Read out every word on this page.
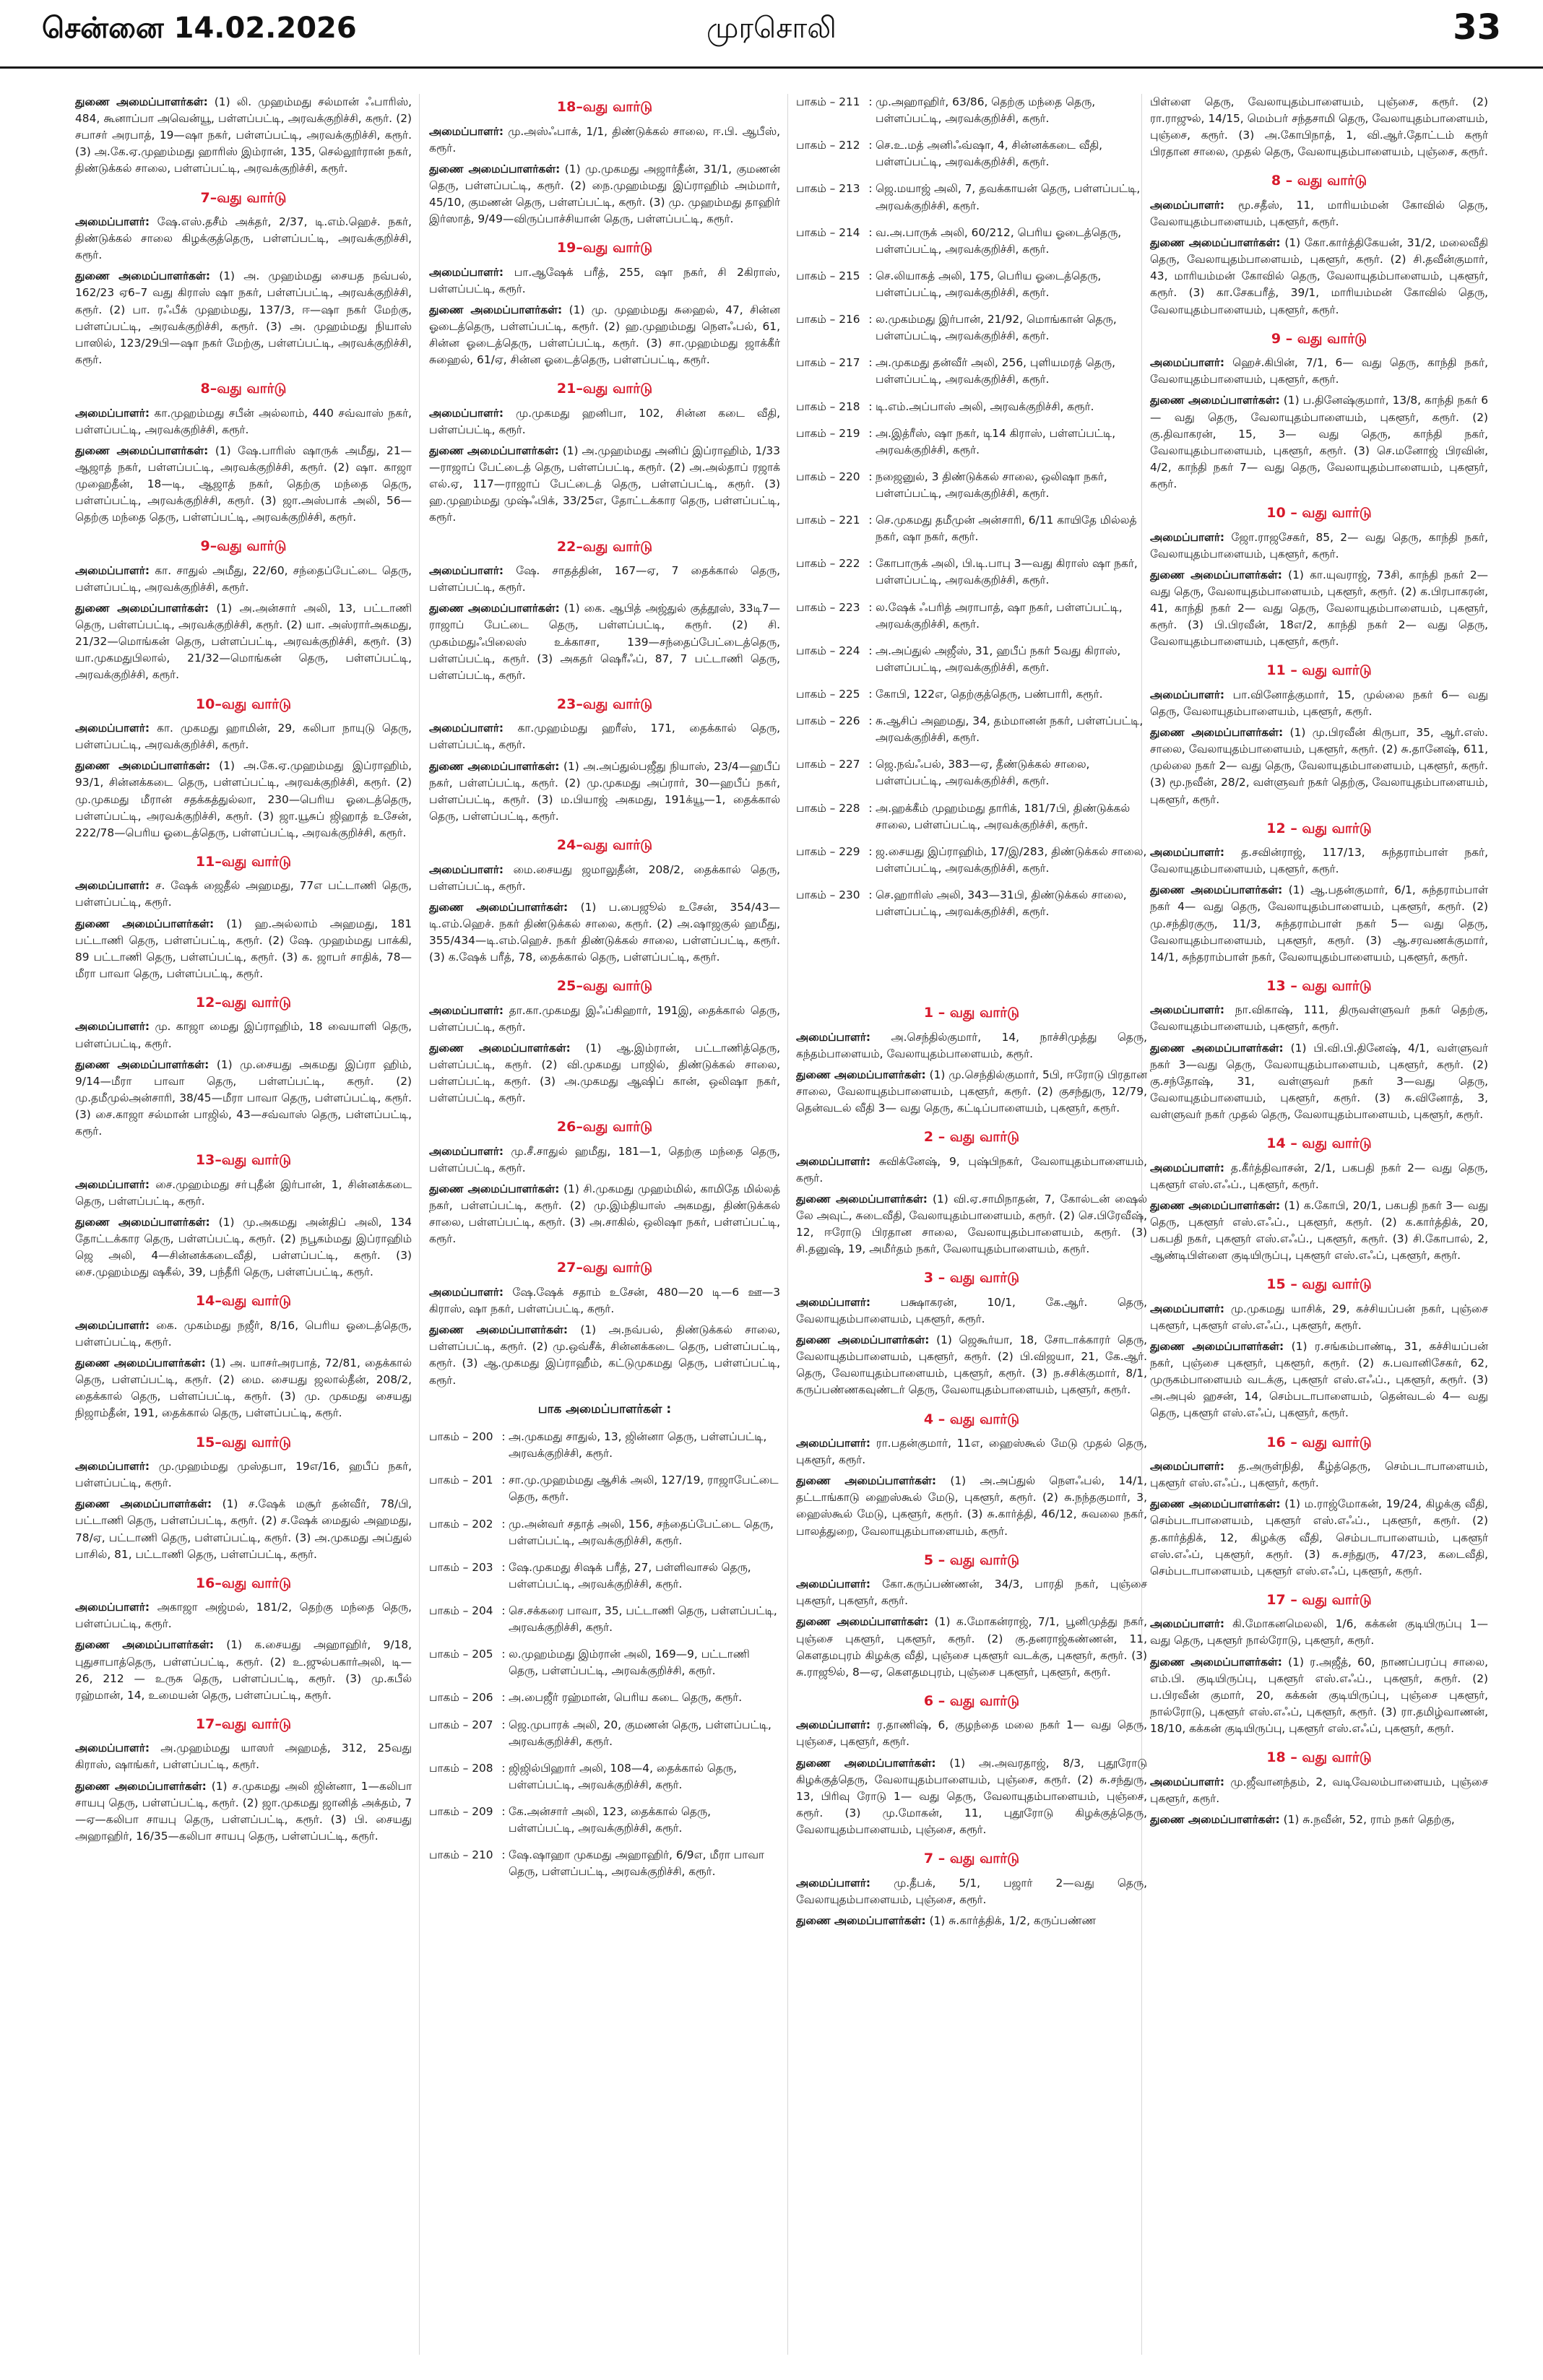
சென்னை 14.02.2026	முரசொலி	33

துணை அமைப்பாளர்கள்: (1) லி. முஹம்மது சல்மான் ஃபாரிஸ், 484, கூனாப்பா அவென்யூ, பள்ளப்பட்டி, அரவக்குறிச்சி, கரூர். (2) சபாசர் அரபாத், 19—ஷா நகர், பள்ளப்பட்டி, அரவக்குறிச்சி, கரூர். (3) அ.கே.ஏ.முஹம்மது ஹாரிஸ் இம்ரான், 135, செல்லூர்ரான் நகர், திண்டுக்கல் சாலை, பள்ளப்பட்டி, அரவக்குறிச்சி, கரூர்.

7–வது வார்டு

அமைப்பாளர்: ஷே.எஸ்.தசீம் அக்தர், 2/37, டி.எம்.ஹெச். நகர், திண்டுக்கல் சாலை கிழக்குத்தெரு, பள்ளப்பட்டி, அரவக்குறிச்சி, கரூர்.

துணை அமைப்பாளர்கள்: (1) அ. முஹம்மது சையத நவ்பல், 162/23 ஏ6–7 வது கிராஸ் ஷா நகர், பள்ளப்பட்டி, அரவக்குறிச்சி, கரூர். (2) பா. ரஃபீக் முஹம்மது, 137/3, ஈ—ஷா நகர் மேற்கு, பள்ளப்பட்டி, அரவக்குறிச்சி, கரூர். (3) அ. முஹம்மது நியாஸ் பாஸில், 123/29பி—ஷா நகர் மேற்கு, பள்ளப்பட்டி, அரவக்குறிச்சி, கரூர்.

8–வது வார்டு

அமைப்பாளர்: கா.முஹம்மது சபீன் அல்லாம், 440 சவ்வாஸ் நகர், பள்ளப்பட்டி, அரவக்குறிச்சி, கரூர்.

துணை அமைப்பாளர்கள்: (1) ஷே.பாரிஸ் ஷாருக் அமீது, 21—ஆஜாத் நகர், பள்ளப்பட்டி, அரவக்குறிச்சி, கரூர். (2) ஷா. காஜா முஹைதீன், 18—டி, ஆஜாத் நகர், தெற்கு மந்தை தெரு, பள்ளப்பட்டி, அரவக்குறிச்சி, கரூர். (3) ஜா.அஸ்பாக் அலி, 56—தெற்கு மந்தை தெரு, பள்ளப்பட்டி, அரவக்குறிச்சி, கரூர்.

9–வது வார்டு

அமைப்பாளர்: கா. சாதுல் அமீது, 22/60, சந்தைப்பேட்டை தெரு, பள்ளப்பட்டி, அரவக்குறிச்சி, கரூர்.

துணை அமைப்பாளர்கள்: (1) அ.அன்சார் அலி, 13, பட்டாணி தெரு, பள்ளப்பட்டி, அரவக்குறிச்சி, கரூர். (2) யா. அஸ்ரார்அகமது, 21/32—மொங்கன் தெரு, பள்ளப்பட்டி, அரவக்குறிச்சி, கரூர். (3) யா.முகமதுபிலால், 21/32—மொங்கன் தெரு, பள்ளப்பட்டி, அரவக்குறிச்சி, கரூர்.

10–வது வார்டு

அமைப்பாளர்: கா. முகமது ஹாமின், 29, கலிபா நாயுடு தெரு, பள்ளப்பட்டி, அரவக்குறிச்சி, கரூர்.

துணை அமைப்பாளர்கள்: (1) அ.கே.ஏ.முஹம்மது இப்ராஹிம், 93/1, சின்னக்கடை தெரு, பள்ளப்பட்டி, அரவக்குறிச்சி, கரூர். (2) மு.முகமது மீரான் சதக்கத்துல்லா, 230—பெரிய ஓடைத்தெரு, பள்ளப்பட்டி, அரவக்குறிச்சி, கரூர். (3) ஜா.யூசுப் ஜிஹாத் உசேன், 222/78—பெரிய ஓடைத்தெரு, பள்ளப்பட்டி, அரவக்குறிச்சி, கரூர்.

11–வது வார்டு

அமைப்பாளர்: ச. ஷேக் ஜைதீல் அஹமது, 77எ பட்டாணி தெரு, பள்ளப்பட்டி, கரூர்.

துணை அமைப்பாளர்கள்: (1) ஹ.அல்லாம் அஹமது, 181 பட்டாணி தெரு, பள்ளப்பட்டி, கரூர். (2) ஷே. முஹம்மது பாக்கி, 89 பட்டாணி தெரு, பள்ளப்பட்டி, கரூர். (3) க. ஜாபர் சாதிக், 78—மீரா பாவா தெரு, பள்ளப்பட்டி, கரூர்.

12–வது வார்டு

அமைப்பாளர்: மு. காஜா மைது இப்ராஹிம், 18 வையாளி தெரு, பள்ளப்பட்டி, கரூர்.

துணை அமைப்பாளர்கள்: (1) மு.சையது அகமது இப்ரா ஹிம், 9/14—மீரா பாவா தெரு, பள்ளப்பட்டி, கரூர். (2) மு.தமீமுல்அன்சாரி, 38/45—மீரா பாவா தெரு, பள்ளப்பட்டி, கரூர். (3) சை.காஜா சல்மான் பாஜில், 43—சவ்வாஸ் தெரு, பள்ளப்பட்டி, கரூர்.

13–வது வார்டு

அமைப்பாளர்: சை.முஹம்மது சா்புதீன் இர்பான், 1, சின்னக்கடை தெரு, பள்ளப்பட்டி, கரூர்.

துணை அமைப்பாளர்கள்: (1) மு.அகமது அன்திப் அலி, 134 தோட்டக்கார தெரு, பள்ளப்பட்டி, கரூர். (2) நபூகம்மது இப்ராஹிம் ஜெ அலி, 4—சின்னக்கடைவீதி, பள்ளப்பட்டி, கரூர். (3) சை.முஹம்மது ஷகீல், 39, பந்தீரி தெரு, பள்ளப்பட்டி, கரூர்.

14–வது வார்டு

அமைப்பாளர்: கை. முகம்மது நஜீர், 8/16, பெரிய ஓடைத்தெரு, பள்ளப்பட்டி, கரூர்.

துணை அமைப்பாளர்கள்: (1) அ. யாசர்அரபாத், 72/81, தைக்கால் தெரு, பள்ளப்பட்டி, கரூர். (2) மை. சையது ஜலால்தீன், 208/2, தைக்கால் தெரு, பள்ளப்பட்டி, கரூர். (3) மு. முகமது சையது நிஜாம்தீன், 191, தைக்கால் தெரு, பள்ளப்பட்டி, கரூர்.

15–வது வார்டு

அமைப்பாளர்: மு.முஹம்மது முஸ்தபா, 19எ/16, ஹபீப் நகர், பள்ளப்பட்டி, கரூர்.

துணை அமைப்பாளர்கள்: (1) ச.ஷேக் மசூர் தன்வீர், 78/பி, பட்டாணி தெரு, பள்ளப்பட்டி, கரூர். (2) ச.ஷேக் மைதுல் அஹமது, 78/ஏ, பட்டாணி தெரு, பள்ளப்பட்டி, கரூர். (3) அ.முகமது அப்துல் பாசில், 81, பட்டாணி தெரு, பள்ளப்பட்டி, கரூர்.

16–வது வார்டு

அமைப்பாளர்: அகாஜா அஜ்மல், 181/2, தெற்கு மந்தை தெரு, பள்ளப்பட்டி, கரூர்.

துணை அமைப்பாளர்கள்: (1) க.சையது அஹாஹிர், 9/18, புதுசாபாத்தெரு, பள்ளப்பட்டி, கரூர். (2) உ.ஜுல்பகார்அலி, டி—26, 212 — உருசு தெரு, பள்ளப்பட்டி, கரூர். (3) மு.கபீல் ரஹ்மான், 14, உமையன் தெரு, பள்ளப்பட்டி, கரூர்.

17–வது வார்டு

அமைப்பாளர்: அ.முஹம்மது யாஸர் அஹமத், 312, 25வது கிராஸ், ஷாங்கர், பள்ளப்பட்டி, கரூர்.

துணை அமைப்பாளர்கள்: (1) ச.முகமது அலி ஜின்னா, 1—கலிபா சாயபு தெரு, பள்ளப்பட்டி, கரூர். (2) ஜா.முகமது ஜானித் அக்தம், 7—ஏ—கலிபா சாயபு தெரு, பள்ளப்பட்டி, கரூர். (3) பி. சையது அஹாஹிர், 16/35—கலிபா சாயபு தெரு, பள்ளப்பட்டி, கரூர்.

18–வது வார்டு

அமைப்பாளர்: மு.அஸ்ஃபாக், 1/1, திண்டுக்கல் சாலை, ஈ.பி. ஆபீஸ், கரூர்.

துணை அமைப்பாளர்கள்: (1) மு.முகமது அஜார்தீன், 31/1, குமணன் தெரு, பள்ளப்பட்டி, கரூர். (2) நை.முஹம்மது இப்ராஹிம் அம்மார், 45/10, குமணன் தெரு, பள்ளப்பட்டி, கரூர். (3) மு. முஹம்மது தாஹிர் இர்ஸாத், 9/49—விருப்பாச்சியான் தெரு, பள்ளப்பட்டி, கரூர்.

19–வது வார்டு

அமைப்பாளர்: பா.ஆஷேக் பரீத், 255, ஷா நகர், சி 2கிராஸ், பள்ளப்பட்டி, கரூர்.

துணை அமைப்பாளர்கள்: (1) மு. முஹம்மது சுஹைல், 47, சின்ன ஓடைத்தெரு, பள்ளப்பட்டி, கரூர். (2) ஹ.முஹம்மது நௌஃபல், 61, சின்ன ஓடைத்தெரு, பள்ளப்பட்டி, கரூர். (3) சா.முஹம்மது ஜாக்கீர் சுஹைல், 61/ஏ, சின்ன ஓடைத்தெரு, பள்ளப்பட்டி, கரூர்.

21–வது வார்டு

அமைப்பாளர்: மு.முகமது ஹனிபா, 102, சின்ன கடை வீதி, பள்ளப்பட்டி, கரூர்.

துணை அமைப்பாளர்கள்: (1) அ.முஹம்மது அனிப் இப்ராஹிம், 1/33—ராஜாப் பேட்டைத் தெரு, பள்ளப்பட்டி, கரூர். (2) அ.அல்தாப் ரஜாக் எல்.ஏ, 117—ராஜாப் பேட்டைத் தெரு, பள்ளப்பட்டி, கரூர். (3) ஹ.முஹம்மது முஷ்ஃபிக், 33/25எ, தோட்டக்கார தெரு, பள்ளப்பட்டி, கரூர்.

22–வது வார்டு

அமைப்பாளர்: ஷே. சாதத்தின், 167—ஏ, 7 தைக்கால் தெரு, பள்ளப்பட்டி, கரூர்.

துணை அமைப்பாளர்கள்: (1) கை. ஆபித் அஜ்துல் குத்தூஸ், 33டி7—ராஜாப் பேட்டை தெரு, பள்ளப்பட்டி, கரூர். (2) சி. முகம்மதுஃபிலைஸ் உக்காசா, 139—சந்தைப்பேட்டைத்தெரு, பள்ளப்பட்டி, கரூர். (3) அகதர் ஷெரீஃப், 87, 7 பட்டாணி தெரு, பள்ளப்பட்டி, கரூர்.

23–வது வார்டு

அமைப்பாளர்: கா.முஹம்மது ஹரீஸ், 171, தைக்கால் தெரு, பள்ளப்பட்டி, கரூர்.

துணை அமைப்பாளர்கள்: (1) அ.அப்துல்பஜீது நியாஸ், 23/4—ஹபீப் நகர், பள்ளப்பட்டி, கரூர். (2) மு.முகமது அப்ரார், 30—ஹபீப் நகர், பள்ளப்பட்டி, கரூர். (3) ம.பியாஜ் அகமது, 191க்யூ—1, தைக்கால் தெரு, பள்ளப்பட்டி, கரூர்.

24–வது வார்டு

அமைப்பாளர்: மை.சையது ஜமாலுதீன், 208/2, தைக்கால் தெரு, பள்ளப்பட்டி, கரூர்.

துணை அமைப்பாளர்கள்: (1) ப.பைஜூல் உசேன், 354/43—டி.எம்.ஹெச். நகர் திண்டுக்கல் சாலை, கரூர். (2) அ.ஷாஜகுல் ஹமீது, 355/434—டி.எம்.ஹெச். நகர் திண்டுக்கல் சாலை, பள்ளப்பட்டி, கரூர். (3) க.ஷேக் பரீத், 78, தைக்கால் தெரு, பள்ளப்பட்டி, கரூர்.

25–வது வார்டு

அமைப்பாளர்: தா.கா.முகமது இஃப்கிஹார், 191இ, தைக்கால் தெரு, பள்ளப்பட்டி, கரூர்.

துணை அமைப்பாளர்கள்: (1) ஆ.இம்ரான், பட்டாணித்தெரு, பள்ளப்பட்டி, கரூர். (2) வி.முகமது பாஜில், திண்டுக்கல் சாலை, பள்ளப்பட்டி, கரூர். (3) அ.முகமது ஆஷிப் கான், ஒலிஷா நகர், பள்ளப்பட்டி, கரூர்.

26–வது வார்டு

அமைப்பாளர்: மு.சீ.சாதுல் ஹமீது, 181—1, தெற்கு மந்தை தெரு, பள்ளப்பட்டி, கரூர்.

துணை அமைப்பாளர்கள்: (1) சி.முகமது முஹம்மில், காமிதே மில்லத் நகர், பள்ளப்பட்டி, கரூர். (2) மு.இம்தியாஸ் அகமது, திண்டுக்கல் சாலை, பள்ளப்பட்டி, கரூர். (3) அ.சாகில், ஒலிஷா நகர், பள்ளப்பட்டி, கரூர்.

27–வது வார்டு

அமைப்பாளர்: ஷே.ஷேக் சதாம் உசேன், 480—20 டி—6 ஊ—3 கிராஸ், ஷா நகர், பள்ளப்பட்டி, கரூர்.

துணை அமைப்பாளர்கள்: (1) அ.நவ்பல், திண்டுக்கல் சாலை, பள்ளப்பட்டி, கரூர். (2) மு.ஒவ்சீக், சின்னக்கடை தெரு, பள்ளப்பட்டி, கரூர். (3) ஆ.முகமது இப்ராஹீம், கட்டுமுகமது தெரு, பள்ளப்பட்டி, கரூர்.

பாக அமைப்பாளர்கள் :
பாகம் – 200 : அ.முகமது சாதுல், 13, ஜின்னா தெரு, பள்ளப்பட்டி, அரவக்குறிச்சி, கரூர்.
பாகம் – 201 : சா.மு.முஹம்மது ஆசிக் அலி, 127/19, ராஜாபேட்டை தெரு, கரூர்.
பாகம் – 202 : மு.அன்வர் சதாத் அலி, 156, சந்தைப்பேட்டை தெரு, பள்ளப்பட்டி, அரவக்குறிச்சி, கரூர்.
பாகம் – 203 : ஷே.முகமது சிஷக் பரீத், 27, பள்ளிவாசல் தெரு, பள்ளப்பட்டி, அரவக்குறிச்சி, கரூர்.
பாகம் – 204 : செ.சக்கரை பாவா, 35, பட்டாணி தெரு, பள்ளப்பட்டி, அரவக்குறிச்சி, கரூர்.
பாகம் – 205 : ல.முஹம்மது இம்ரான் அலி, 169—9, பட்டாணி தெரு, பள்ளப்பட்டி, அரவக்குறிச்சி, கரூர்.
பாகம் – 206 : அ.பைஜீர் ரஹ்மான், பெரிய கடை தெரு, கரூர்.
பாகம் – 207 : ஜெ.முபாரக் அலி, 20, குமணன் தெரு, பள்ளப்பட்டி, அரவக்குறிச்சி, கரூர்.
பாகம் – 208 : ஜிஜில்பிஹார் அலி, 108—4, தைக்கால் தெரு, பள்ளப்பட்டி, அரவக்குறிச்சி, கரூர்.
பாகம் – 209 : கே.அன்சார் அலி, 123, தைக்கால் தெரு, பள்ளப்பட்டி, அரவக்குறிச்சி, கரூர்.
பாகம் – 210 : ஷே.ஷாஹா முகமது அஹாஹிர், 6/9எ, மீரா பாவா தெரு, பள்ளப்பட்டி, அரவக்குறிச்சி, கரூர்.
பாகம் – 211 : மு.அஹாஹிர், 63/86, தெற்கு மந்தை தெரு, பள்ளப்பட்டி, அரவக்குறிச்சி, கரூர்.
பாகம் – 212 : செ.உ.மத் அனிஃவ்ஷா, 4, சின்னக்கடை வீதி, பள்ளப்பட்டி, அரவக்குறிச்சி, கரூர்.
பாகம் – 213 : ஜெ.மயாஜ் அலி, 7, தவக்காயன் தெரு, பள்ளப்பட்டி, அரவக்குறிச்சி, கரூர்.
பாகம் – 214 : வ.அ.பாருக் அலி, 60/212, பெரிய ஓடைத்தெரு, பள்ளப்பட்டி, அரவக்குறிச்சி, கரூர்.
பாகம் – 215 : செ.லியாகத் அலி, 175, பெரிய ஓடைத்தெரு, பள்ளப்பட்டி, அரவக்குறிச்சி, கரூர்.
பாகம் – 216 : ல.முகம்மது இர்பான், 21/92, மொங்கான் தெரு, பள்ளப்பட்டி, அரவக்குறிச்சி, கரூர்.
பாகம் – 217 : அ.முகமது தன்வீர் அலி, 256, புளியமரத் தெரு, பள்ளப்பட்டி, அரவக்குறிச்சி, கரூர்.
பாகம் – 218 : டி.எம்.அப்பாஸ் அலி, அரவக்குறிச்சி, கரூர்.
பாகம் – 219 : அ.இத்ரீஸ், ஷா நகர், டி14 கிராஸ், பள்ளப்பட்டி, அரவக்குறிச்சி, கரூர்.
பாகம் – 220 : நஜைனுல், 3 திண்டுக்கல் சாலை, ஒலிஷா நகர், பள்ளப்பட்டி, அரவக்குறிச்சி, கரூர்.
பாகம் – 221 : செ.முகமது தமீமுன் அன்சாரி, 6/11 காயிதே மில்லத் நகர், ஷா நகர், கரூர்.
பாகம் – 222 : கோபாருக் அலி, பி.டி.பாபு 3—வது கிராஸ் ஷா நகர், பள்ளப்பட்டி, அரவக்குறிச்சி, கரூர்.
பாகம் – 223 : ல.ஷேக் ஃபரித் அராபாத், ஷா நகர், பள்ளப்பட்டி, அரவக்குறிச்சி, கரூர்.
பாகம் – 224 : அ.அப்துல் அஜீஸ், 31, ஹபீப் நகர் 5வது கிராஸ், பள்ளப்பட்டி, அரவக்குறிச்சி, கரூர்.
பாகம் – 225 : கோபி, 122எ, தெற்குத்தெரு, பண்பாரி, கரூர்.
பாகம் – 226 : சு.ஆசிப் அஹமது, 34, தம்மானன் நகர், பள்ளப்பட்டி, அரவக்குறிச்சி, கரூர்.
பாகம் – 227 : ஜெ.நவ்ஃபல், 383—ஏ, தீண்டுக்கல் சாலை, பள்ளப்பட்டி, அரவக்குறிச்சி, கரூர்.
பாகம் – 228 : அ.ஹக்கீம் முஹம்மது தாரிக், 181/7பி, திண்டுக்கல் சாலை, பள்ளப்பட்டி, அரவக்குறிச்சி, கரூர்.
பாகம் – 229 : ஜ.சையது இப்ராஹிம், 17/இ/283, திண்டுக்கல் சாலை, பள்ளப்பட்டி, அரவக்குறிச்சி, கரூர்.
பாகம் – 230 : செ.ஹாரிஸ் அலி, 343—31பி, திண்டுக்கல் சாலை, பள்ளப்பட்டி, அரவக்குறிச்சி, கரூர்.
1 – வது வார்டு

அமைப்பாளர்: அ.செந்தில்குமார், 14, நாச்சிமுத்து தெரு, கந்தம்பாளையம், வேலாயுதம்பாளையம், கரூர்.

துணை அமைப்பாளர்கள்: (1) மு.செந்தில்குமார், 5பி, ஈரோடு பிரதான சாலை, வேலாயுதம்பாளையம், புகளூர், கரூர். (2) குசந்துரு, 12/79, தென்வடல் வீதி 3— வது தெரு, கட்டிப்பாளையம், புகளூர், கரூர்.

2 – வது வார்டு

அமைப்பாளர்: சுவிக்னேஷ், 9, புஷ்பிநகர், வேலாயுதம்பாளையம், கரூர்.

துணை அமைப்பாளர்கள்: (1) வி.ஏ.சாமிநாதன், 7, கோல்டன் ஷைல் லே அவுட், சுடைவீதி, வேலாயுதம்பாளையம், கரூர். (2) செ.பிரேவீஷ், 12, ஈரோடு பிரதான சாலை, வேலாயுதம்பாளையம், கரூர். (3) சி.தனுஷ், 19, அமீர்தம் நகர், வேலாயுதம்பாளையம், கரூர்.

3 – வது வார்டு

அமைப்பாளர்: பக்ஷாகரன், 10/1, கே.ஆர். தெரு, வேலாயுதம்பாளையம், புகளூர், கரூர்.

துணை அமைப்பாளர்கள்: (1) ஜெகூர்யா, 18, சோடாக்காரர் தெரு, வேலாயுதம்பாளையம், புகளூர், கரூர். (2) பி.விஜயா, 21, கே.ஆர். தெரு, வேலாயுதம்பாளையம், புகளூர், கரூர். (3) ந.சசிக்குமார், 8/1, கருப்பண்ணகவுண்டர் தெரு, வேலாயுதம்பாளையம், புகளூர், கரூர்.

4 – வது வார்டு

அமைப்பாளர்: ரா.பதன்குமார், 11எ, ஹைஸ்கூல் மேடு முதல் தெரு, புகளூர், கரூர்.

துணை அமைப்பாளர்கள்: (1) அ.அப்துல் நௌஃபல், 14/1, தட்டாங்காடு ஹைஸ்கூல் மேடு, புகளூர், கரூர். (2) சு.நந்தகுமார், 3, ஹைஸ்கூல் மேடு, புகளூர், கரூர். (3) சு.கார்த்தி, 46/12, சுவலை நகர், பாலத்துறை, வேலாயுதம்பாளையம், கரூர்.

5 – வது வார்டு

அமைப்பாளர்: கோ.கருப்பண்ணன், 34/3, பாரதி நகர், புஞ்சை புகளூர், புகளூர், கரூர்.

துணை அமைப்பாளர்கள்: (1) க.மோகன்ராஜ், 7/1, பூனிமுத்து நகர், புஞ்சை புகளூர், புகளூர், கரூர். (2) கு.தனராஜ்கண்ணன், 11, கௌதமபுரம் கிழக்கு வீதி, புஞ்சை புகளூர் வடக்கு, புகளூர், கரூர். (3) சு.ராஜூல், 8—ஏ, கௌதமபுரம், புஞ்சை புகளூர், புகளூர், கரூர்.

6 – வது வார்டு

அமைப்பாளர்: ர.தாணிஷ், 6, குழந்தை மலை நகர் 1— வது தெரு, புஞ்சை, புகளூர், கரூர்.

துணை அமைப்பாளர்கள்: (1) அ.அவரதாஜ், 8/3, புதூரோடு கிழக்குத்தெரு, வேலாயுதம்பாளையம், புஞ்சை, கரூர். (2) சு.சந்துரு, 13, பிரிவு ரோடு 1— வது தெரு, வேலாயுதம்பாளையம், புஞ்சை, கரூர். (3) மு.மோகன், 11, புதூரோடு கிழக்குத்தெரு, வேலாயுதம்பாளையம், புஞ்சை, கரூர்.

7 – வது வார்டு

அமைப்பாளர்: மு.தீபக், 5/1, பஜார் 2—வது தெரு, வேலாயுதம்பாளையம், புஞ்சை, கரூர்.

துணை அமைப்பாளர்கள்: (1) சு.கார்த்திக், 1/2, கருப்பண்ண

பிள்ளை தெரு, வேலாயுதம்பாளையம், புஞ்சை, கரூர். (2) ரா.ராஜுல், 14/15, மெம்பர் சந்தசாமி தெரு, வேலாயுதம்பாளையம், புஞ்சை, கரூர். (3) அ.கோபிநாத், 1, வி.ஆர்.தோட்டம் கரூர் பிரதான சாலை, முதல் தெரு, வேலாயுதம்பாளையம், புஞ்சை, கரூர்.

8 – வது வார்டு

அமைப்பாளர்: மூ.சதீஸ், 11, மாரியம்மன் கோவில் தெரு, வேலாயுதம்பாளையம், புகளூர், கரூர்.

துணை அமைப்பாளர்கள்: (1) கோ.கார்த்திகேயன், 31/2, மலைவீதி தெரு, வேலாயுதம்பாளையம், புகளூர், கரூர். (2) சி.தவீன்குமார், 43, மாரியம்மன் கோவில் தெரு, வேலாயுதம்பாளையம், புகளூர், கரூர். (3) கா.சேகபரீத், 39/1, மாரியம்மன் கோவில் தெரு, வேலாயுதம்பாளையம், புகளூர், கரூர்.

9 – வது வார்டு

அமைப்பாளர்: ஹெச்.கிபின், 7/1, 6— வது தெரு, காந்தி நகர், வேலாயுதம்பாளையம், புகளூர், கரூர்.

துணை அமைப்பாளர்கள்: (1) ப.தினேஷ்குமார், 13/8, காந்தி நகர் 6— வது தெரு, வேலாயுதம்பாளையம், புகளூர், கரூர். (2) கு.திவாகரன், 15, 3— வது தெரு, காந்தி நகர், வேலாயுதம்பாளையம், புகளூர், கரூர். (3) செ.மனோஜ் பிரவின், 4/2, காந்தி நகர் 7— வது தெரு, வேலாயுதம்பாளையம், புகளூர், கரூர்.

10 – வது வார்டு

அமைப்பாளர்: ஜோ.ராஜசேகர், 85, 2— வது தெரு, காந்தி நகர், வேலாயுதம்பாளையம், புகளூர், கரூர்.

துணை அமைப்பாளர்கள்: (1) கா.யுவராஜ், 73சி, காந்தி நகர் 2—வது தெரு, வேலாயுதம்பாளையம், புகளூர், கரூர். (2) க.பிரபாகரன், 41, காந்தி நகர் 2— வது தெரு, வேலாயுதம்பாளையம், புகளூர், கரூர். (3) பி.பிரவீன், 18எ/2, காந்தி நகர் 2— வது தெரு, வேலாயுதம்பாளையம், புகளூர், கரூர்.

11 – வது வார்டு

அமைப்பாளர்: பா.வினோத்குமார், 15, முல்லை நகர் 6— வது தெரு, வேலாயுதம்பாளையம், புகளூர், கரூர்.

துணை அமைப்பாளர்கள்: (1) மு.பிரவீன் கிருபா, 35, ஆர்.எஸ். சாலை, வேலாயுதம்பாளையம், புகளூர், கரூர். (2) சு.தானேஷ், 611, முல்லை நகர் 2— வது தெரு, வேலாயுதம்பாளையம், புகளூர், கரூர். (3) மூ.நவீன், 28/2, வள்ளுவர் நகர் தெற்கு, வேலாயுதம்பாளையம், புகளூர், கரூர்.

12 – வது வார்டு

அமைப்பாளர்: த.சவின்ராஜ், 117/13, சுந்தராம்பாள் நகர், வேலாயுதம்பாளையம், புகளூர், கரூர்.

துணை அமைப்பாளர்கள்: (1) ஆ.பதன்குமார், 6/1, சுந்தராம்பாள் நகர் 4— வது தெரு, வேலாயுதம்பாளையம், புகளூர், கரூர். (2) மு.சந்திரகுரு, 11/3, சுந்தராம்பாள் நகர் 5— வது தெரு, வேலாயுதம்பாளையம், புகளூர், கரூர். (3) ஆ.சரவணக்குமார், 14/1, சுந்தராம்பாள் நகர், வேலாயுதம்பாளையம், புகளூர், கரூர்.

13 – வது வார்டு

அமைப்பாளர்: நா.விகாஷ், 111, திருவள்ளுவர் நகர் தெற்கு, வேலாயுதம்பாளையம், புகளூர், கரூர்.

துணை அமைப்பாளர்கள்: (1) பி.வி.பி.தினேஷ், 4/1, வள்ளுவர் நகர் 3—வது தெரு, வேலாயுதம்பாளையம், புகளூர், கரூர். (2) கு.சந்தோஷ், 31, வள்ளுவர் நகர் 3—வது தெரு, வேலாயுதம்பாளையம், புகளூர், கரூர். (3) சு.வினோத், 3, வள்ளுவர் நகர் முதல் தெரு, வேலாயுதம்பாளையம், புகளூர், கரூர்.

14 – வது வார்டு

அமைப்பாளர்: த.கீர்த்திவாசன், 2/1, பகபதி நகர் 2— வது தெரு, புகளூர் எஸ்.எஃப்., புகளூர், கரூர்.

துணை அமைப்பாளர்கள்: (1) க.கோபி, 20/1, பகபதி நகர் 3— வது தெரு, புகளூர் எஸ்.எஃப்., புகளூர், கரூர். (2) க.கார்த்திக், 20, பகபதி நகர், புகளூர் எஸ்.எஃப்., புகளூர், கரூர். (3) சி.கோபால், 2, ஆண்டிபிள்ளை குடியிருப்பு, புகளூர் எஸ்.எஃப், புகளூர், கரூர்.

15 – வது வார்டு

அமைப்பாளர்: மு.முகமது யாசிக், 29, கச்சியப்பன் நகர், புஞ்சை புகளூர், புகளூர் எஸ்.எஃப்., புகளூர், கரூர்.

துணை அமைப்பாளர்கள்: (1) ர.சங்கம்பாண்டி, 31, கச்சியப்பன் நகர், புஞ்சை புகளூர், புகளூர், கரூர். (2) சு.பவானிசேகர், 62, முருகம்பாளையம் வடக்கு, புகளூர் எஸ்.எஃப்., புகளூர், கரூர். (3) அ.அபுல் ஹசன், 14, செம்படாபாளையம், தென்வடல் 4— வது தெரு, புகளூர் எஸ்.எஃப், புகளூர், கரூர்.

16 – வது வார்டு

அமைப்பாளர்: த.அருள்நிதி, கீழ்த்தெரு, செம்படாபாளையம், புகளூர் எஸ்.எஃப்., புகளூர், கரூர்.

துணை அமைப்பாளர்கள்: (1) ம.ராஜ்மோகன், 19/24, கிழக்கு வீதி, செம்படாபாளையம், புகளூர் எஸ்.எஃப்., புகளூர், கரூர். (2) த.கார்த்திக், 12, கிழக்கு வீதி, செம்படாபாளையம், புகளூர் எஸ்.எஃப், புகளூர், கரூர். (3) சு.சந்துரு, 47/23, கடைவீதி, செம்படாபாளையம், புகளூர் எஸ்.எஃப், புகளூர், கரூர்.

17 – வது வார்டு

அமைப்பாளர்: கி.மோகனமெலலி, 1/6, கக்கன் குடியிருப்பு 1— வது தெரு, புகளூர் நால்ரோடு, புகளூர், கரூர்.

துணை அமைப்பாளர்கள்: (1) ர.அஜீத், 60, நாணப்பரப்பு சாலை, எம்.பி. குடியிருப்பு, புகளூர் எஸ்.எஃப்., புகளூர், கரூர். (2) ப.பிரவீன் குமார், 20, கக்கன் குடியிருப்பு, புஞ்சை புகளூர், நால்ரோடு, புகளூர் எஸ்.எஃப், புகளூர், கரூர். (3) ரா.தமிழ்வாணன், 18/10, கக்கன் குடியிருப்பு, புகளூர் எஸ்.எஃப், புகளூர், கரூர்.

18 – வது வார்டு

அமைப்பாளர்: மு.ஜீவானந்தம், 2, வடிவேலம்பாளையம், புஞ்சை புகளூர், கரூர்.

துணை அமைப்பாளர்கள்: (1) சு.நவீன், 52, ராம் நகர் தெற்கு,
